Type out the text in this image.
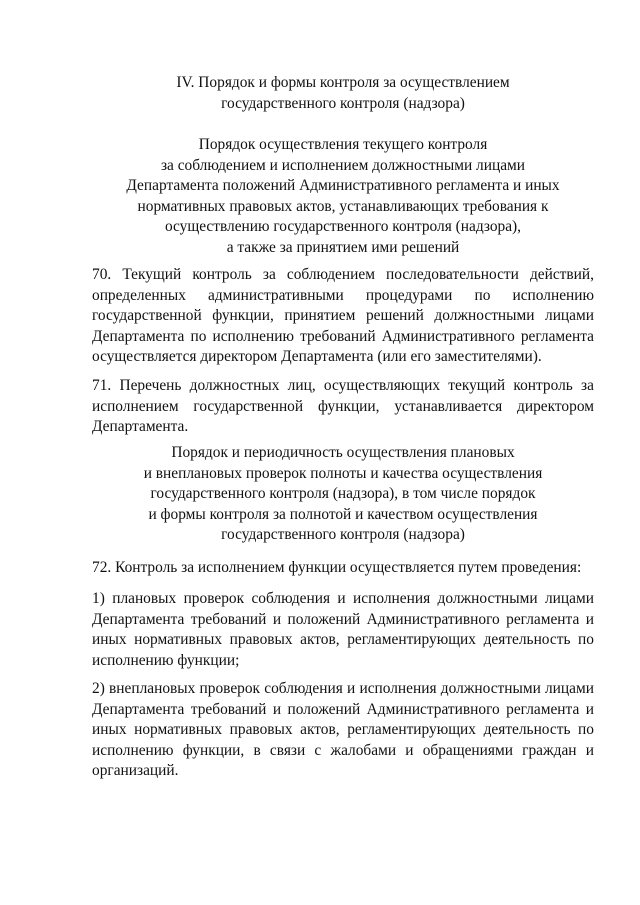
IV. Порядок и формы контроля за осуществлением
государственного контроля (надзора)
Порядок осуществления текущего контроля
за соблюдением и исполнением должностными лицами
Департамента положений Административного регламента и иных
нормативных правовых актов, устанавливающих требования к
осуществлению государственного контроля (надзора),
а также за принятием ими решений
70. Текущий контроль за соблюдением последовательности действий,
определенных административными процедурами по исполнению
государственной функции, принятием решений должностными лицами
Департамента по исполнению требований Административного регламента
осуществляется директором Департамента (или его заместителями).
71. Перечень должностных лиц, осуществляющих текущий контроль за
исполнением государственной функции, устанавливается директором
Департамента.
Порядок и периодичность осуществления плановых
и внеплановых проверок полноты и качества осуществления
государственного контроля (надзора), в том числе порядок
и формы контроля за полнотой и качеством осуществления
государственного контроля (надзора)
72. Контроль за исполнением функции осуществляется путем проведения:
1) плановых проверок соблюдения и исполнения должностными лицами
Департамента требований и положений Административного регламента и
иных нормативных правовых актов, регламентирующих деятельность по
исполнению функции;
2) внеплановых проверок соблюдения и исполнения должностными лицами
Департамента требований и положений Административного регламента и
иных нормативных правовых актов, регламентирующих деятельность по
исполнению функции, в связи с жалобами и обращениями граждан и
организаций.
